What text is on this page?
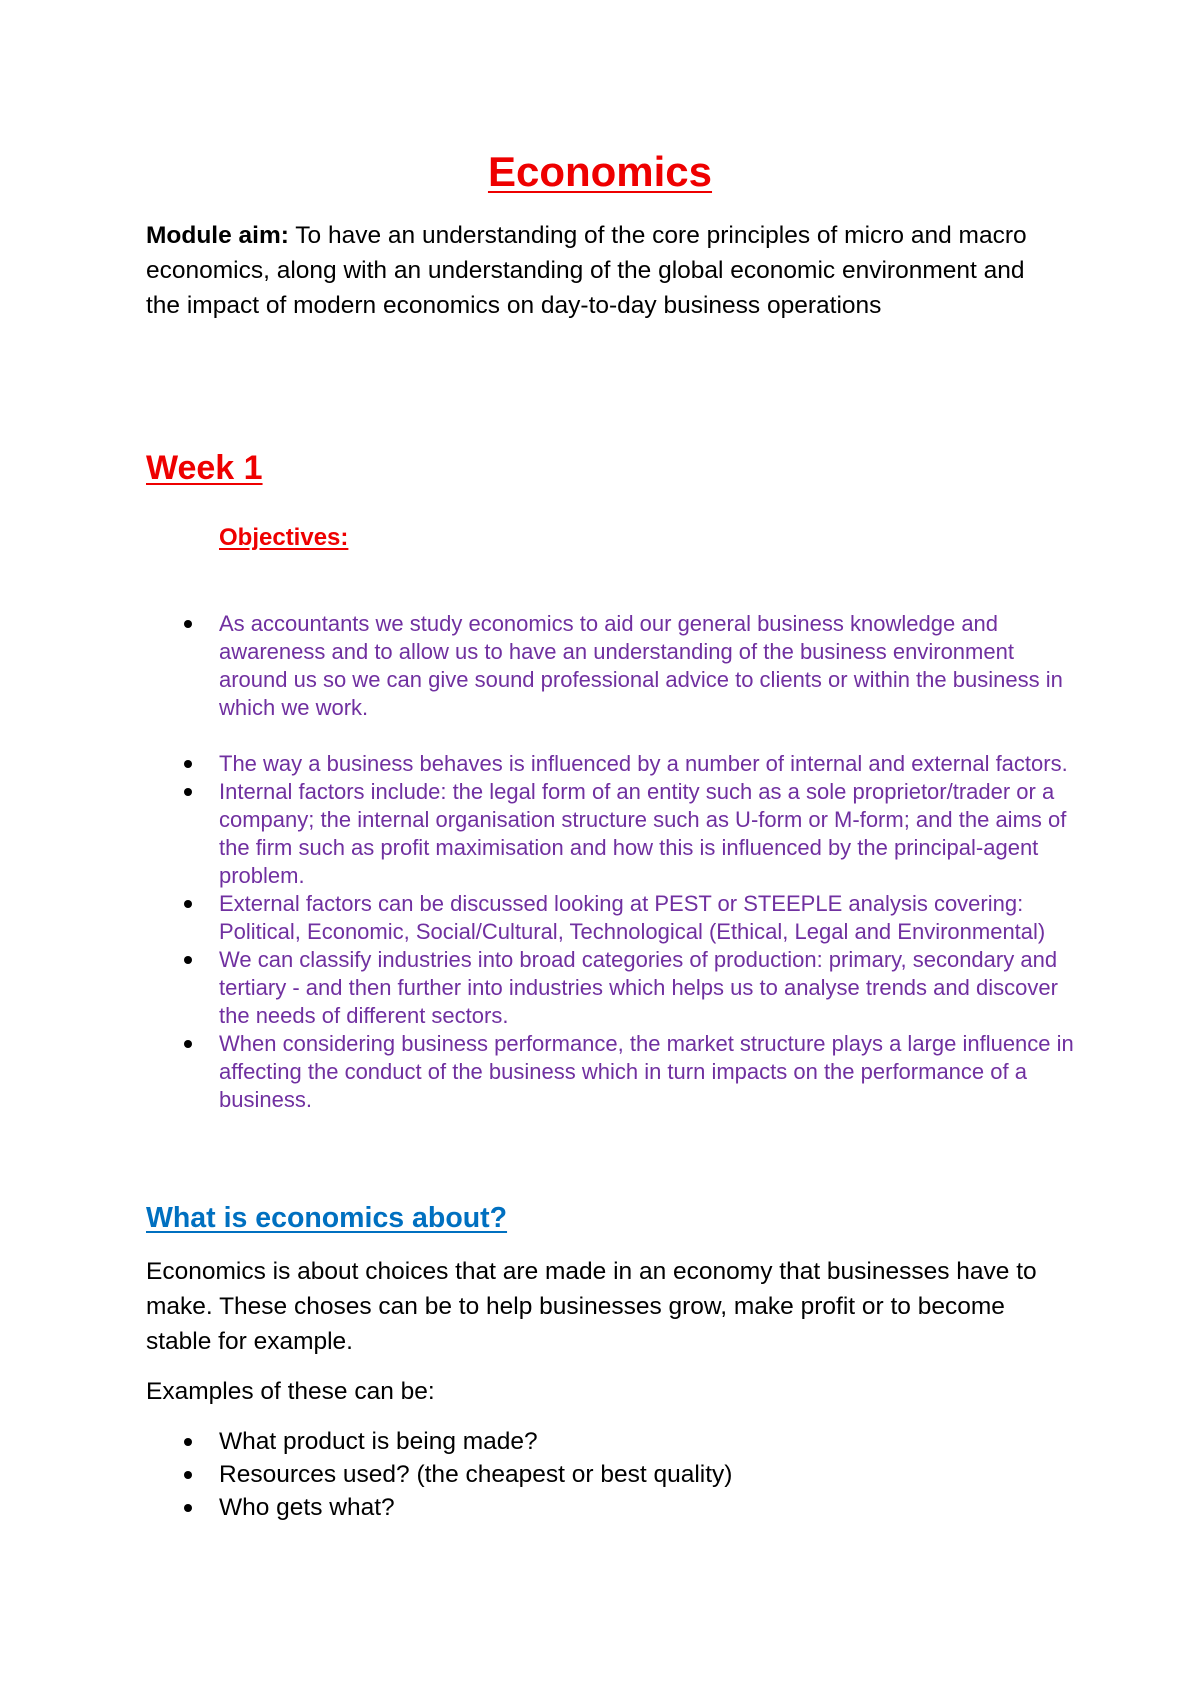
Economics

Module aim: To have an understanding of the core principles of micro and macro economics, along with an understanding of the global economic environment and the impact of modern economics on day-to-day business operations

Week 1
Objectives:
As accountants we study economics to aid our general business knowledge and awareness and to allow us to have an understanding of the business environment around us so we can give sound professional advice to clients or within the business in which we work.
The way a business behaves is influenced by a number of internal and external factors.
Internal factors include: the legal form of an entity such as a sole proprietor/trader or a company; the internal organisation structure such as U-form or M-form; and the aims of the firm such as profit maximisation and how this is influenced by the principal-agent problem.
External factors can be discussed looking at PEST or STEEPLE analysis covering: Political, Economic, Social/Cultural, Technological (Ethical, Legal and Environmental)
We can classify industries into broad categories of production: primary, secondary and tertiary - and then further into industries which helps us to analyse trends and discover the needs of different sectors.
When considering business performance, the market structure plays a large influence in affecting the conduct of the business which in turn impacts on the performance of a business.
What is economics about?

Economics is about choices that are made in an economy that businesses have to make. These choses can be to help businesses grow, make profit or to become stable for example.

Examples of these can be:

What product is being made?
Resources used? (the cheapest or best quality)
Who gets what?
